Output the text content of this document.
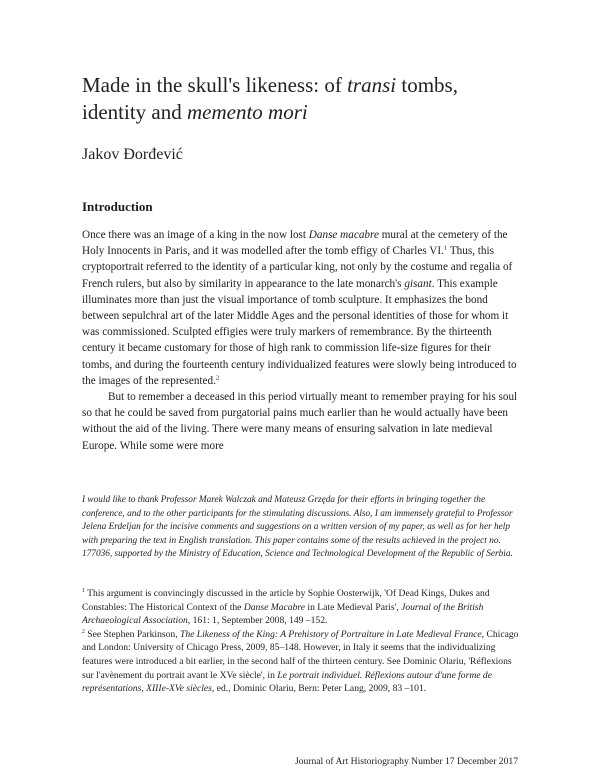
Made in the skull's likeness: of transi tombs, identity and memento mori
Jakov Đorđević
Introduction

Once there was an image of a king in the now lost Danse macabre mural at the cemetery of the Holy Innocents in Paris, and it was modelled after the tomb effigy of Charles VI.$^1$ Thus, this cryptoportrait referred to the identity of a particular king, not only by the costume and regalia of French rulers, but also by similarity in appearance to the late monarch's gisant. This example illuminates more than just the visual importance of tomb sculpture. It emphasizes the bond between sepulchral art of the later Middle Ages and the personal identities of those for whom it was commissioned. Sculpted effigies were truly markers of remembrance. By the thirteenth century it became customary for those of high rank to commission life-size figures for their tombs, and during the fourteenth century individualized features were slowly being introduced to the images of the represented.$^2$

But to remember a deceased in this period virtually meant to remember praying for his soul so that he could be saved from purgatorial pains much earlier than he would actually have been without the aid of the living. There were many means of ensuring salvation in late medieval Europe. While some were more

I would like to thank Professor Marek Walczak and Mateusz Grzęda for their efforts in bringing together the conference, and to the other participants for the stimulating discussions. Also, I am immensely grateful to Professor Jelena Erdeljan for the incisive comments and suggestions on a written version of my paper, as well as for her help with preparing the text in English translation. This paper contains some of the results achieved in the project no. 177036, supported by the Ministry of Education, Science and Technological Development of the Republic of Serbia.

$^1$ This argument is convincingly discussed in the article by Sophie Oosterwijk, 'Of Dead Kings, Dukes and Constables: The Historical Context of the Danse Macabre in Late Medieval Paris', Journal of the British Archaeological Association, 161: 1, September 2008, 149 –152.

$^2$ See Stephen Parkinson, The Likeness of the King: A Prehistory of Portraiture in Late Medieval France, Chicago and London: University of Chicago Press, 2009, 85–148. However, in Italy it seems that the individualizing features were introduced a bit earlier, in the second half of the thirteen century. See Dominic Olariu, 'Réflexions sur l'avènement du portrait avant le XVe siècle', in Le portrait individuel. Réflexions autour d'une forme de représentations, XIIIe-XVe siècles, ed., Dominic Olariu, Bern: Peter Lang, 2009, 83 –101.

Journal of Art Historiography Number 17 December 2017
